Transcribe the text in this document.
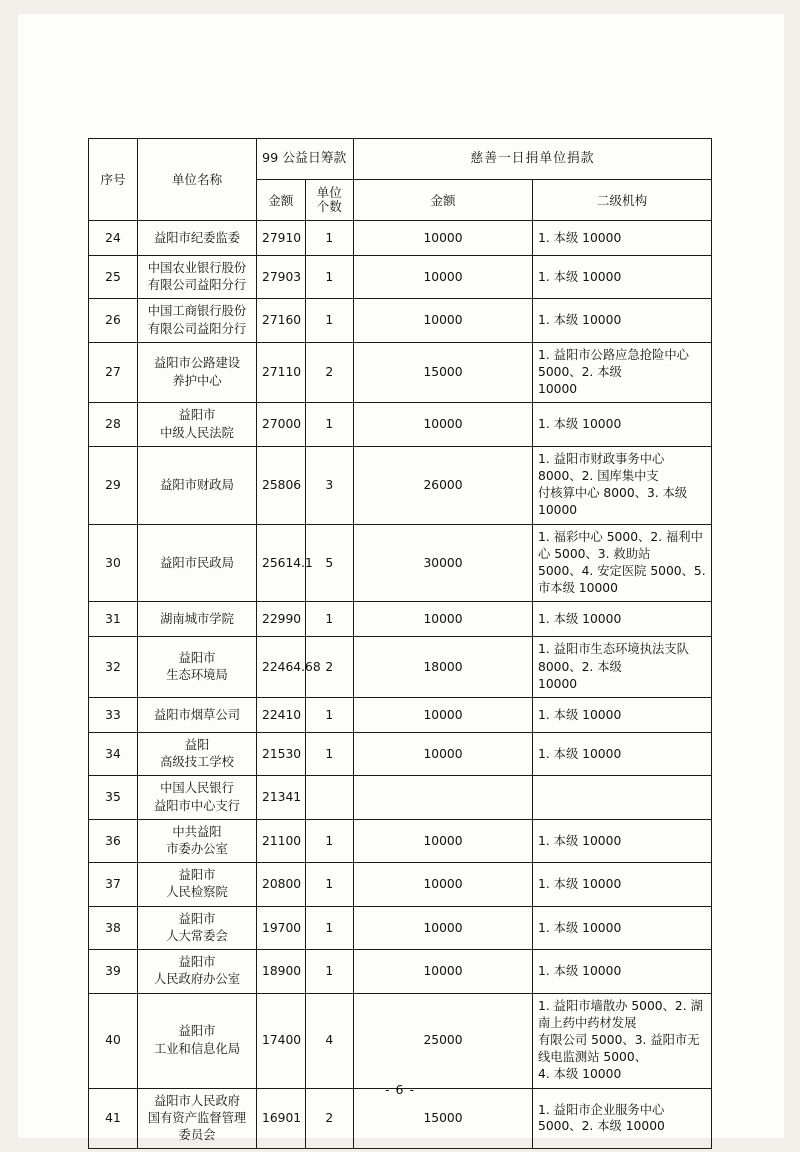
序号	单位名称	99 公益日筹款		慈善一日捐单位捐款	
		金额	单位个数	金额	二级机构
24	益阳市纪委监委	27910	1	10000	1. 本级 10000
25	中国农业银行股份
有限公司益阳分行	27903	1	10000	1. 本级 10000
26	中国工商银行股份
有限公司益阳分行	27160	1	10000	1. 本级 10000
27	益阳市公路建设
养护中心	27110	2	15000	1. 益阳市公路应急抢险中心 5000、2. 本级
10000
28	益阳市
中级人民法院	27000	1	10000	1. 本级 10000
29	益阳市财政局	25806	3	26000	1. 益阳市财政事务中心 8000、2. 国库集中支
付核算中心 8000、3. 本级 10000
30	益阳市民政局	25614.1	5	30000	1. 福彩中心 5000、2. 福利中心 5000、3. 救助站
5000、4. 安定医院 5000、5. 市本级 10000
31	湖南城市学院	22990	1	10000	1. 本级 10000
32	益阳市
生态环境局	22464.68	2	18000	1. 益阳市生态环境执法支队 8000、2. 本级
10000
33	益阳市烟草公司	22410	1	10000	1. 本级 10000
34	益阳
高级技工学校	21530	1	10000	1. 本级 10000
35	中国人民银行
益阳市中心支行	21341			
36	中共益阳
市委办公室	21100	1	10000	1. 本级 10000
37	益阳市
人民检察院	20800	1	10000	1. 本级 10000
38	益阳市
人大常委会	19700	1	10000	1. 本级 10000
39	益阳市
人民政府办公室	18900	1	10000	1. 本级 10000
40	益阳市
工业和信息化局	17400	4	25000	1. 益阳市墙散办 5000、2. 湖南上药中药材发展
有限公司 5000、3. 益阳市无线电监测站 5000、
4. 本级 10000
41	益阳市人民政府
国有资产监督管理
委员会	16901	2	15000	1. 益阳市企业服务中心 5000、2. 本级 10000
- 6 -
